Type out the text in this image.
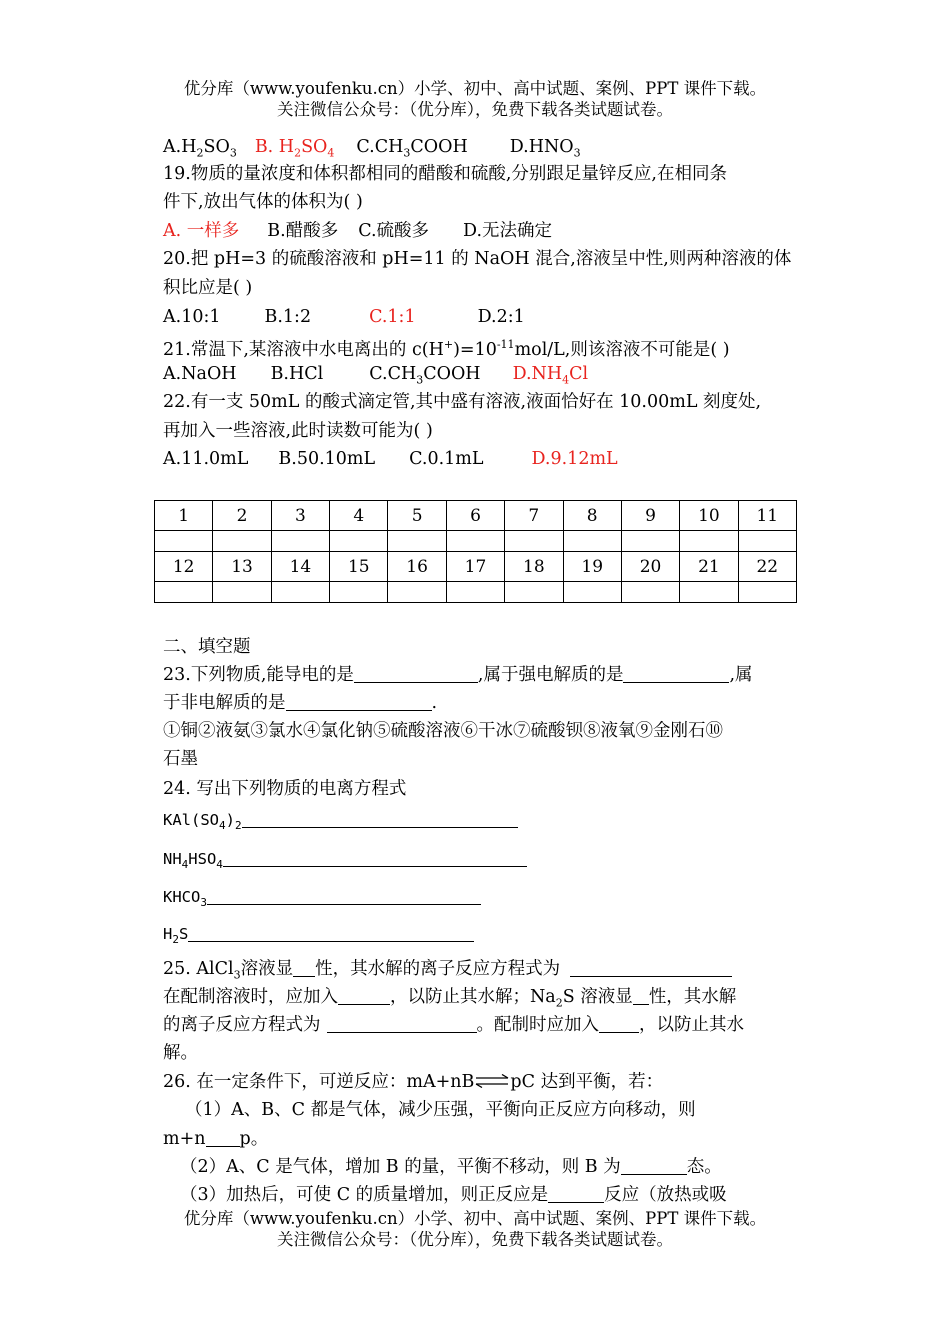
优分库（www.youfenku.cn）小学、初中、高中试题、案例、PPT 课件下载。
关注微信公众号：（优分库），免费下载各类试题试卷。
$A.H_2SO_3$ B. $H_2SO_4$ $C.CH_3COOH$ $D.HNO_3$
19.物质的量浓度和体积都相同的醋酸和硫酸,分别跟足量锌反应,在相同条
件下,放出气体的体积为( )
A. 一样多 B.醋酸多 C.硫酸多 D.无法确定
20.把 pH=3 的硫酸溶液和 pH=11 的 NaOH 混合,溶液呈中性,则两种溶液的体
积比应是( )
A.10:1	B.1:2	C.1:1	D.2:1
21.常温下,某溶液中水电离出的 $c(H^+)=10^{-11}mol/L$,则该溶液不可能是( )
A.NaOH B.HCl	$C.CH_3COOH$ $D.NH_4Cl$
22.有一支 50mL 的酸式滴定管,其中盛有溶液,液面恰好在 10.00mL 刻度处,
再加入一些溶液,此时读数可能为( )
A.11.0mL B.50.10mL C.0.1mL	D.9.12mL
1	2	3	4	5	6	7	8	9	10	11

12	13	14	15	16	17	18	19	20	21	22

二、填空题
23.下列物质,能导电的是	,属于强电解质的是	,属
于非电解质的是	.
①铜②液氨③氯水④氯化钠⑤硫酸溶液⑥干冰⑦硫酸钡⑧液氧⑨金刚石⑩
石墨
24. 写出下列物质的电离方程式
$KAl(SO_4)_2$
$NH_4HSO_4$
$KHCO_3$
$H_2S$
25. AlCl$_3$溶液显 性，其水解的离子反应方程式为
在配制溶液时，应加入	，以防止其水解；$Na_2S$ 溶液显 性，其水解
的离子反应方程式为	。配制时应加入 ，以防止其水
解。
26. 在一定条件下，可逆反应：mA+nB⇌pC 达到平衡，若：
（1）A、B、C 都是气体，减少压强，平衡向正反应方向移动，则
m+n p。
（2）A、C 是气体，增加 B 的量，平衡不移动，则 B 为	态。
（3）加热后，可使 C 的质量增加，则正反应是	反应（放热或吸
优分库（www.youfenku.cn）小学、初中、高中试题、案例、PPT 课件下载。
关注微信公众号：（优分库），免费下载各类试题试卷。
